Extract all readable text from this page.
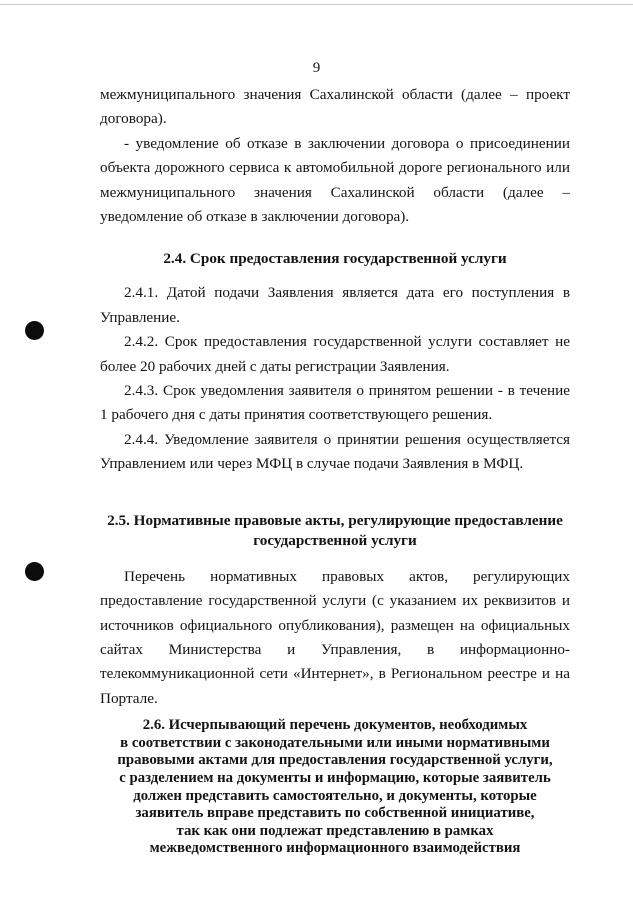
9

межмуниципального значения Сахалинской области (далее – проект договора).

- уведомление об отказе в заключении договора о присоединении объекта дорожного сервиса к автомобильной дороге регионального или межмуниципального значения Сахалинской области (далее – уведомление об отказе в заключении договора).

2.4. Срок предоставления государственной услуги

2.4.1. Датой подачи Заявления является дата его поступления в Управление.

2.4.2. Срок предоставления государственной услуги составляет не более 20 рабочих дней с даты регистрации Заявления.

2.4.3. Срок уведомления заявителя о принятом решении - в течение 1 рабочего дня с даты принятия соответствующего решения.

2.4.4. Уведомление заявителя о принятии решения осуществляется Управлением или через МФЦ в случае подачи Заявления в МФЦ.

2.5. Нормативные правовые акты, регулирующие предоставление
государственной услуги

Перечень нормативных правовых актов, регулирующих предоставление государственной услуги (с указанием их реквизитов и источников официального опубликования), размещен на официальных сайтах Министерства и Управления, в информационно-телекоммуникационной сети «Интернет», в Региональном реестре и на Портале.

2.6. Исчерпывающий перечень документов, необходимых
в соответствии с законодательными или иными нормативными
правовыми актами для предоставления государственной услуги,
с разделением на документы и информацию, которые заявитель
должен представить самостоятельно, и документы, которые
заявитель вправе представить по собственной инициативе,
так как они подлежат представлению в рамках
межведомственного информационного взаимодействия
